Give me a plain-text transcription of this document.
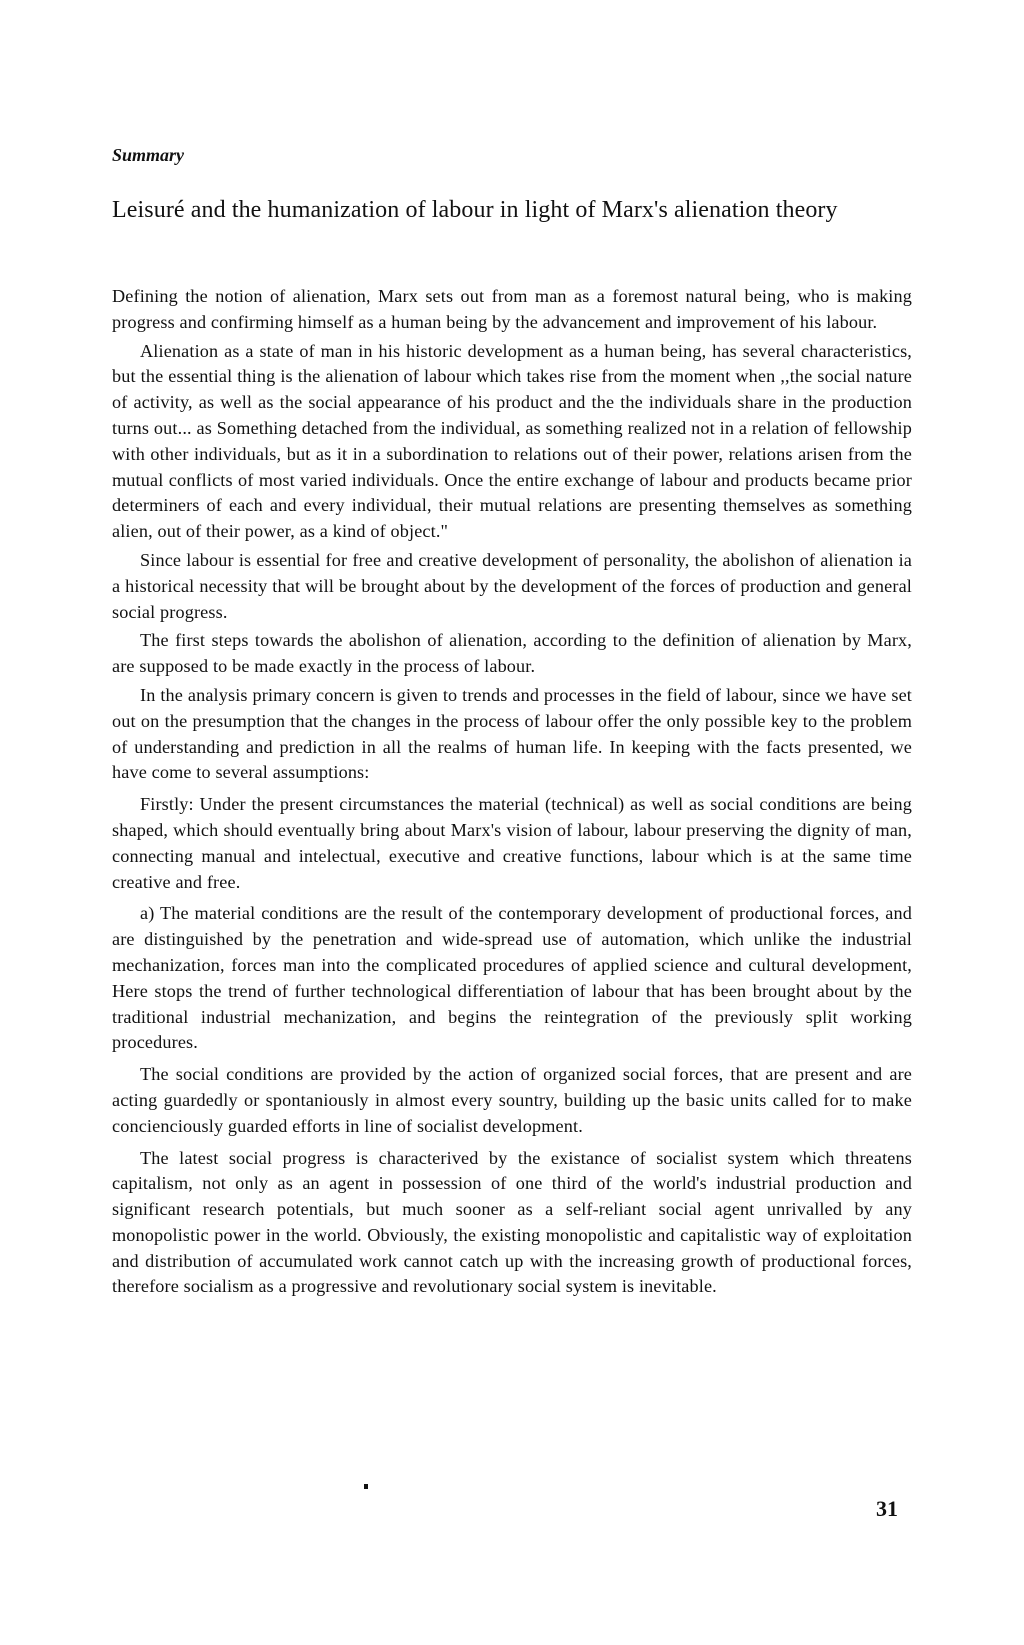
Summary

Leisuré and the humanization of labour in light of Marx's alienation theory

Defining the notion of alienation, Marx sets out from man as a foremost natural being, who is making progress and confirming himself as a human being by the advancement and improvement of his labour.

Alienation as a state of man in his historic development as a human being, has several characteristics, but the essential thing is the alienation of labour which takes rise from the moment when ,,the social nature of activity, as well as the social appearance of his product and the the individuals share in the production turns out... as Something detached from the individual, as something realized not in a relation of fellowship with other individuals, but as it in a subordination to relations out of their power, relations arisen from the mutual conflicts of most varied individuals. Once the entire exchange of labour and products became prior determiners of each and every individual, their mutual relations are presenting themselves as something alien, out of their power, as a kind of object."

Since labour is essential for free and creative development of personality, the abolishon of alienation ia a historical necessity that will be brought about by the development of the forces of production and general social progress.

The first steps towards the abolishon of alienation, according to the definition of alienation by Marx, are supposed to be made exactly in the process of labour.

In the analysis primary concern is given to trends and processes in the field of labour, since we have set out on the presumption that the changes in the process of labour offer the only possible key to the problem of understanding and prediction in all the realms of human life. In keeping with the facts presented, we have come to several assumptions:

Firstly: Under the present circumstances the material (technical) as well as social conditions are being shaped, which should eventually bring about Marx's vision of labour, labour preserving the dignity of man, connecting manual and intelectual, executive and creative functions, labour which is at the same time creative and free.

a) The material conditions are the result of the contemporary development of productional forces, and are distinguished by the penetration and wide-spread use of automation, which unlike the industrial mechanization, forces man into the complicated procedures of applied science and cultural development, Here stops the trend of further technological differentiation of labour that has been brought about by the traditional industrial mechanization, and begins the reintegration of the previously split working procedures.

The social conditions are provided by the action of organized social forces, that are present and are acting guardedly or spontaniously in almost every sountry, building up the basic units called for to make concienciously guarded efforts in line of socialist development.

The latest social progress is characterived by the existance of socialist system which threatens capitalism, not only as an agent in possession of one third of the world's industrial production and significant research potentials, but much sooner as a self-reliant social agent unrivalled by any monopolistic power in the world. Obviously, the existing monopolistic and capitalistic way of exploitation and distribution of accumulated work cannot catch up with the increasing growth of productional forces, therefore socialism as a progressive and revolutionary social system is inevitable.

31
